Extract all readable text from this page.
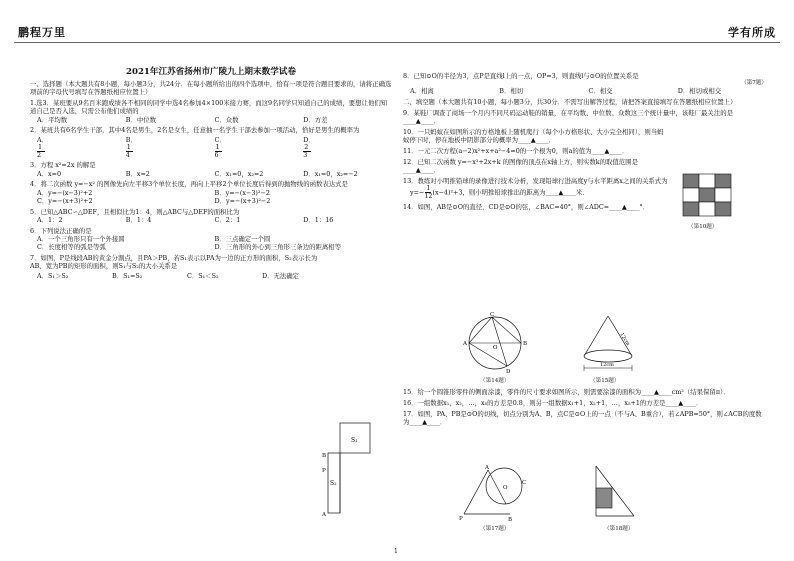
鹏程万里	学有所成

2021年江苏省扬州市广陵九上期末数学试卷

一、选择题（本大题共有8小题，每小题3分，共24分．在每小题所给出的四个选项中，恰有一项是符合题目要求的，请将正确选项前的字母代号填写在答题纸相应位置上）

1.选3．某班要从9名百米跑成绩各不相同的同学中选4名参加4×100米接力赛，而这9名同学只知道自己的成绩，要想让他们知道自己是否入选，只需公布他们成绩的

A．平均数	B．中位数	C．众数	D．方差

2．某班共有6名学生干部，其中4名是男生，2名是女生，任意抽一名学生干部去参加一项活动，恰好是男生的概率为

A．
1
2
B．
1
4
C．
1
6
D．
2
3

3．方程 x²=2x 的解是

A．x=0	B．x=2	C．x₁=0，x₂=2	D．x₁=0，x₂=−2

4．将二次函数 y=−x² 的图像先向左平移3个单位长度，再向上平移2个单位长度后得到的抛物线的函数表达式是

A．y=−(x−3)²+2	B．y=−(x−3)²−2
C．y=−(x+3)²+2	D．y=−(x+3)²−2

5．已知△ABC∽△DEF，且相似比为1：4，则△ABC与△DEF的面积比为

A．1：2	B．1：4	C．2：1	D．1：16

6．下列说法正确的是

A．一个三角形只有一个外接圆	B．三点确定一个圆
C．长度相等的弧是等弧	D．三角形的外心到三角形三条边的距离相等

7．如图，P是线段AB的黄金分割点，且PA＞PB，若S₁表示以PA为一边的正方形的面积，S₂表示长为AB、宽为PB的矩形的面积，则S₁与S₂的大小关系是

A．S₁＞S₂	B．S₁=S₂	C．S₁＜S₂	D．无法确定
S₁
S₂
B
P
A

8．已知⊙O的半径为3，点P是直线l上的一点，OP=3，则直线l与⊙O的位置关系是

（第7题）

A．相离	B．相切	C．相交	D．相切或相交

二、填空题（本大题共有10小题，每小题3分，共30分．不需写出解答过程，请把答案直接填写在答题纸相应位置上）

9．某鞋厂调查了商场一个月内不同尺码运动鞋的销量，在平均数、中位数、众数这三个统计量中，该鞋厂最关注的是____▲____．

10．一只蚂蚁在如图所示的方格地板上随机爬行（每个小方格形状、大小完全相同），则当蚂蚁停下时，停在地板中阴影部分的概率为____▲____．

11．一元二次方程(a−2)x²+x+a²−4=0的一个根为0，则a的值为____▲____．

12．已知二次函数 y=−x²+2x+k 的图像的顶点在x轴上方，则实数k的取值范围是____▲____．

13．教练对小明推铅球的录像进行技术分析，发现铅球行进高度y与水平距离x之间的关系式为

$y=- \frac{1}{12} (x-4)^2+3$，则小明推铅球推出的距离为____▲____米．

14．如图，AB是⊙O的直径，CD是⊙O的弦，∠BAC=40°，则∠ADC=____▲____°．

（第10题）
C
A	B
D
O
（第14题）
12cm
12cm
（第15题）

15．给一个圆锥形零件的侧面涂漆，零件的尺寸要求如图所示，则需要涂漆的面积为____▲____cm²（结果保留π）．

16．一组数据x₁，x₂，…，x₅的方差是0.8，则另一组数据x₁+1，x₂+1，…，x₅+1的方差是____▲____．

17．如图，PA、PB是⊙O的切线，切点分别为A、B，点C是⊙O上的一点（不与A、B重合），若∠APB=50°，则∠ACB的度数为____▲____．

P
A
B
O
C
（第17题）	（第18题）
1
